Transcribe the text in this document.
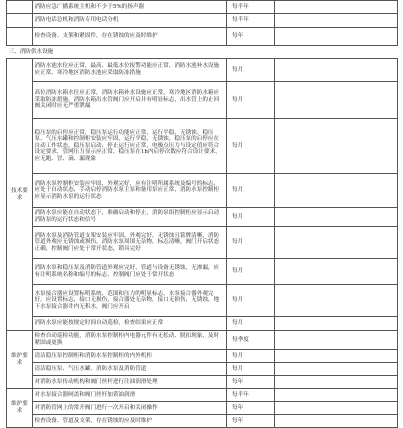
	消防应急广播系统主机和不少于5%的扬声器	每半年	
	消防电话总机和消防专用电话分机	每半年	
	检查设备、支架和紧固件，存在锈蚀的应及时维护	每年	
三、消防供水设施			
技术要求	消防水池水位应正常，最高、最低水位报警功能应正常，消防水池补水设施应正常，寒冷地区消防水池应采取防冻措施	每月	
	高位消防水箱水位应正常，消防水箱补水设施应正常，寒冷地区消防水箱应采取防冻措施，消防水箱出水管阀门应开启并有明显标志，出水管上的止回阀关闭时应无严重泄漏	每月	
	稳压泵的启停应正常，稳压泵运行功能应正常，运行平稳，无锈蚀。稳压泵、气压水罐和控制柜安装应牢固，运行平稳，无锈蚀。稳压泵的启停应在自动工作状态，稳压泵启动、停止运行应正常，电极点压力与设定值应符合设定要求，管网压力显示应正常，稳压泵在1h内启停次数应符合设计要求，应无跑、冒、滴、漏现象	每月	
	消防水泵控制柜安装应牢固，外观完好，应有注明所属系统及编号的标志，应处于自动状态，手动启停消防水泵主泵和备用泵应正常，消防水泵控制柜应显示消防水泵的运行状态	每月	
	消防水泵应能在自动状态下，准确启动和停止，消防泵组控制柜应显示启动消防泵的运行状态和信号	每月	
	消防水泵及消防管道支架安装应牢固，外观完好，无锈蚀且铭牌清晰，消防管道外观应无锈蚀或损伤，消防水泵周围无杂物，标志清晰，阀门开启状态正确，控制阀门应处于常开状态，锁具完好	每月	
	消防水泵和稳压泵及消防管道外观应完好，管道与设备无锈蚀、无渗漏，应有注明系统名称和编号的标志，控制阀门应处于常开状态	每月	
	水泵接合器应设置标明系统、范围和压力的明显标志，水泵接合器外观完好，应设置标志，接口无损伤，接合器处无杂物，接口无损伤，无锈蚀，地下水泵接合器井内无积水，阀门应开启	每月	
	消防水泵应能按规定时间自动巡检，检查结果应正常	每月	
维护要求	检查自动巡检功能，消防水泵控制柜内电器元件有无松动、脱扣现象，及时紧固或更换	每季度	
	清洁稳压泵控制柜和消防水泵控制柜的内外机柜	每月	
	清洁稳压泵、气压水罐、消防水泵及消防管道	每月	
	对消防水泵传动机构和阀门丝杆进行注油润滑处理	每年	
维护要求	对水泵接合器闸盖和阀门丝杆加黄油润滑	每半年	
	对消防管网上的常开阀门进行一次开启和关闭操作	每年	
	检查设备、管道及支架，存在锈蚀的应及时维护	每年	
